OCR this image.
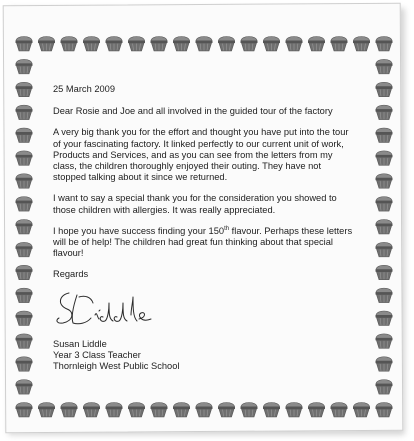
25 March 2009

Dear Rosie and Joe and all involved in the guided tour of the factory

A very big thank you for the effort and thought you have put into the tour of your fascinating factory. It linked perfectly to our current unit of work, Products and Services, and as you can see from the letters from my class, the children thoroughly enjoyed their outing. They have not stopped talking about it since we returned.

I want to say a special thank you for the consideration you showed to those children with allergies. It was really appreciated.

I hope you have success finding your 150th flavour. Perhaps these letters will be of help! The children had great fun thinking about that special flavour!

Regards

Susan Liddle

Year 3 Class Teacher

Thornleigh West Public School
